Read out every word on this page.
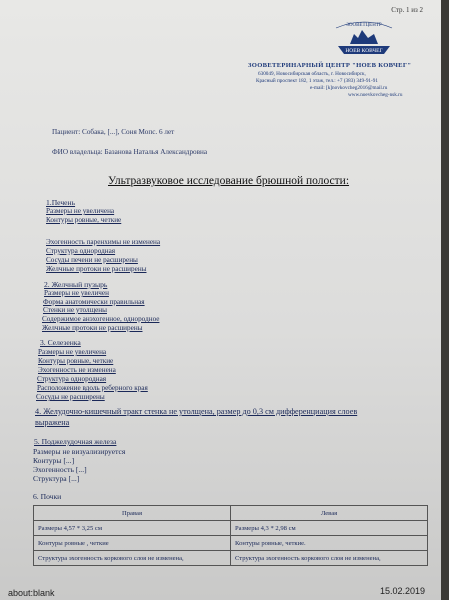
Стр. 1 из 2
ЗООВЕТЦЕНТР
НОЕВ КОВЧЕГ
ЗООВЕТЕРИНАРНЫЙ ЦЕНТР "НОЕВ КОВЧЕГ"
630049, Новосибирская область, г. Новосибирск,
Красный проспект 182, 1 этаж, тел.: +7 (383) 349-91-91
e-mail: [k]novkovcheg2016@mail.ru
www.noevkovcheg-nsk.ru
Пациент: Собака, [...], Соня Мопс. 6 лет
ФИО владельца: Базанова Наталья Александровна
Ультразвуковое исследование брюшной полости:
1.Печень
Размеры не увеличена
Контуры ровные, четкие
Эхогенность паренхимы не изменена
Структура однородная
Сосуды печени не расширены
Желчные протоки не расширены
2. Желчный пузырь
Размеры не увеличен
Форма анатомически правильная
Стенки не утолщены
Содержимое анэхогенное, однородное
Желчные протоки не расширены
3. Селезенка
Размеры не увеличена
Контуры ровные, четкие
Эхогенность не изменена
Структура однородная
Расположение вдоль реберного края
Сосуды не расширены
4. Желудочно-кишечный тракт стенка не утолщена, размер до 0,3 см дифференциация слоев
выражена
5. Поджелудочная железа
Размеры не визуализируется
Контуры [...]
Эхогенность [...]
Структура [...]
6. Почки
Правая	Левая
Размеры 4,57 * 3,25 см	Размеры 4,3 * 2,98 см
Контуры ровные , четкие	Контуры ровные, четкие.
Структура эхогенность коркового слоя не изменена,	Структура эхогенность коркового слоя не изменена,
about:blank	15.02.2019
